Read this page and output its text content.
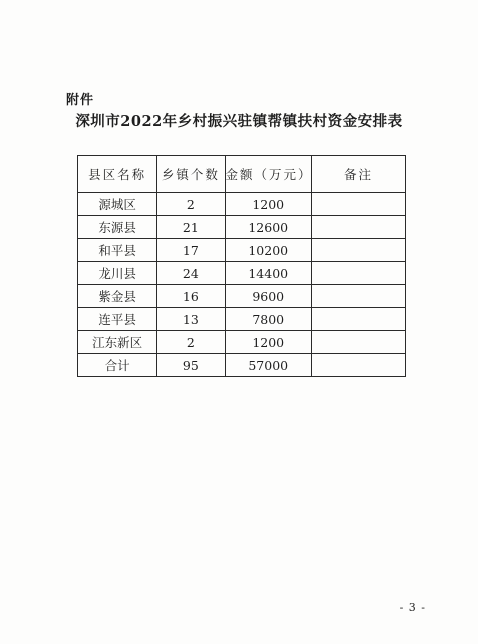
附件
深圳市2022年乡村振兴驻镇帮镇扶村资金安排表
县区名称	乡镇个数	金额（万元）	备注
源城区	2	1200	
东源县	21	12600	
和平县	17	10200	
龙川县	24	14400	
紫金县	16	9600	
连平县	13	7800	
江东新区	2	1200	
合计	95	57000	
- 3 -
